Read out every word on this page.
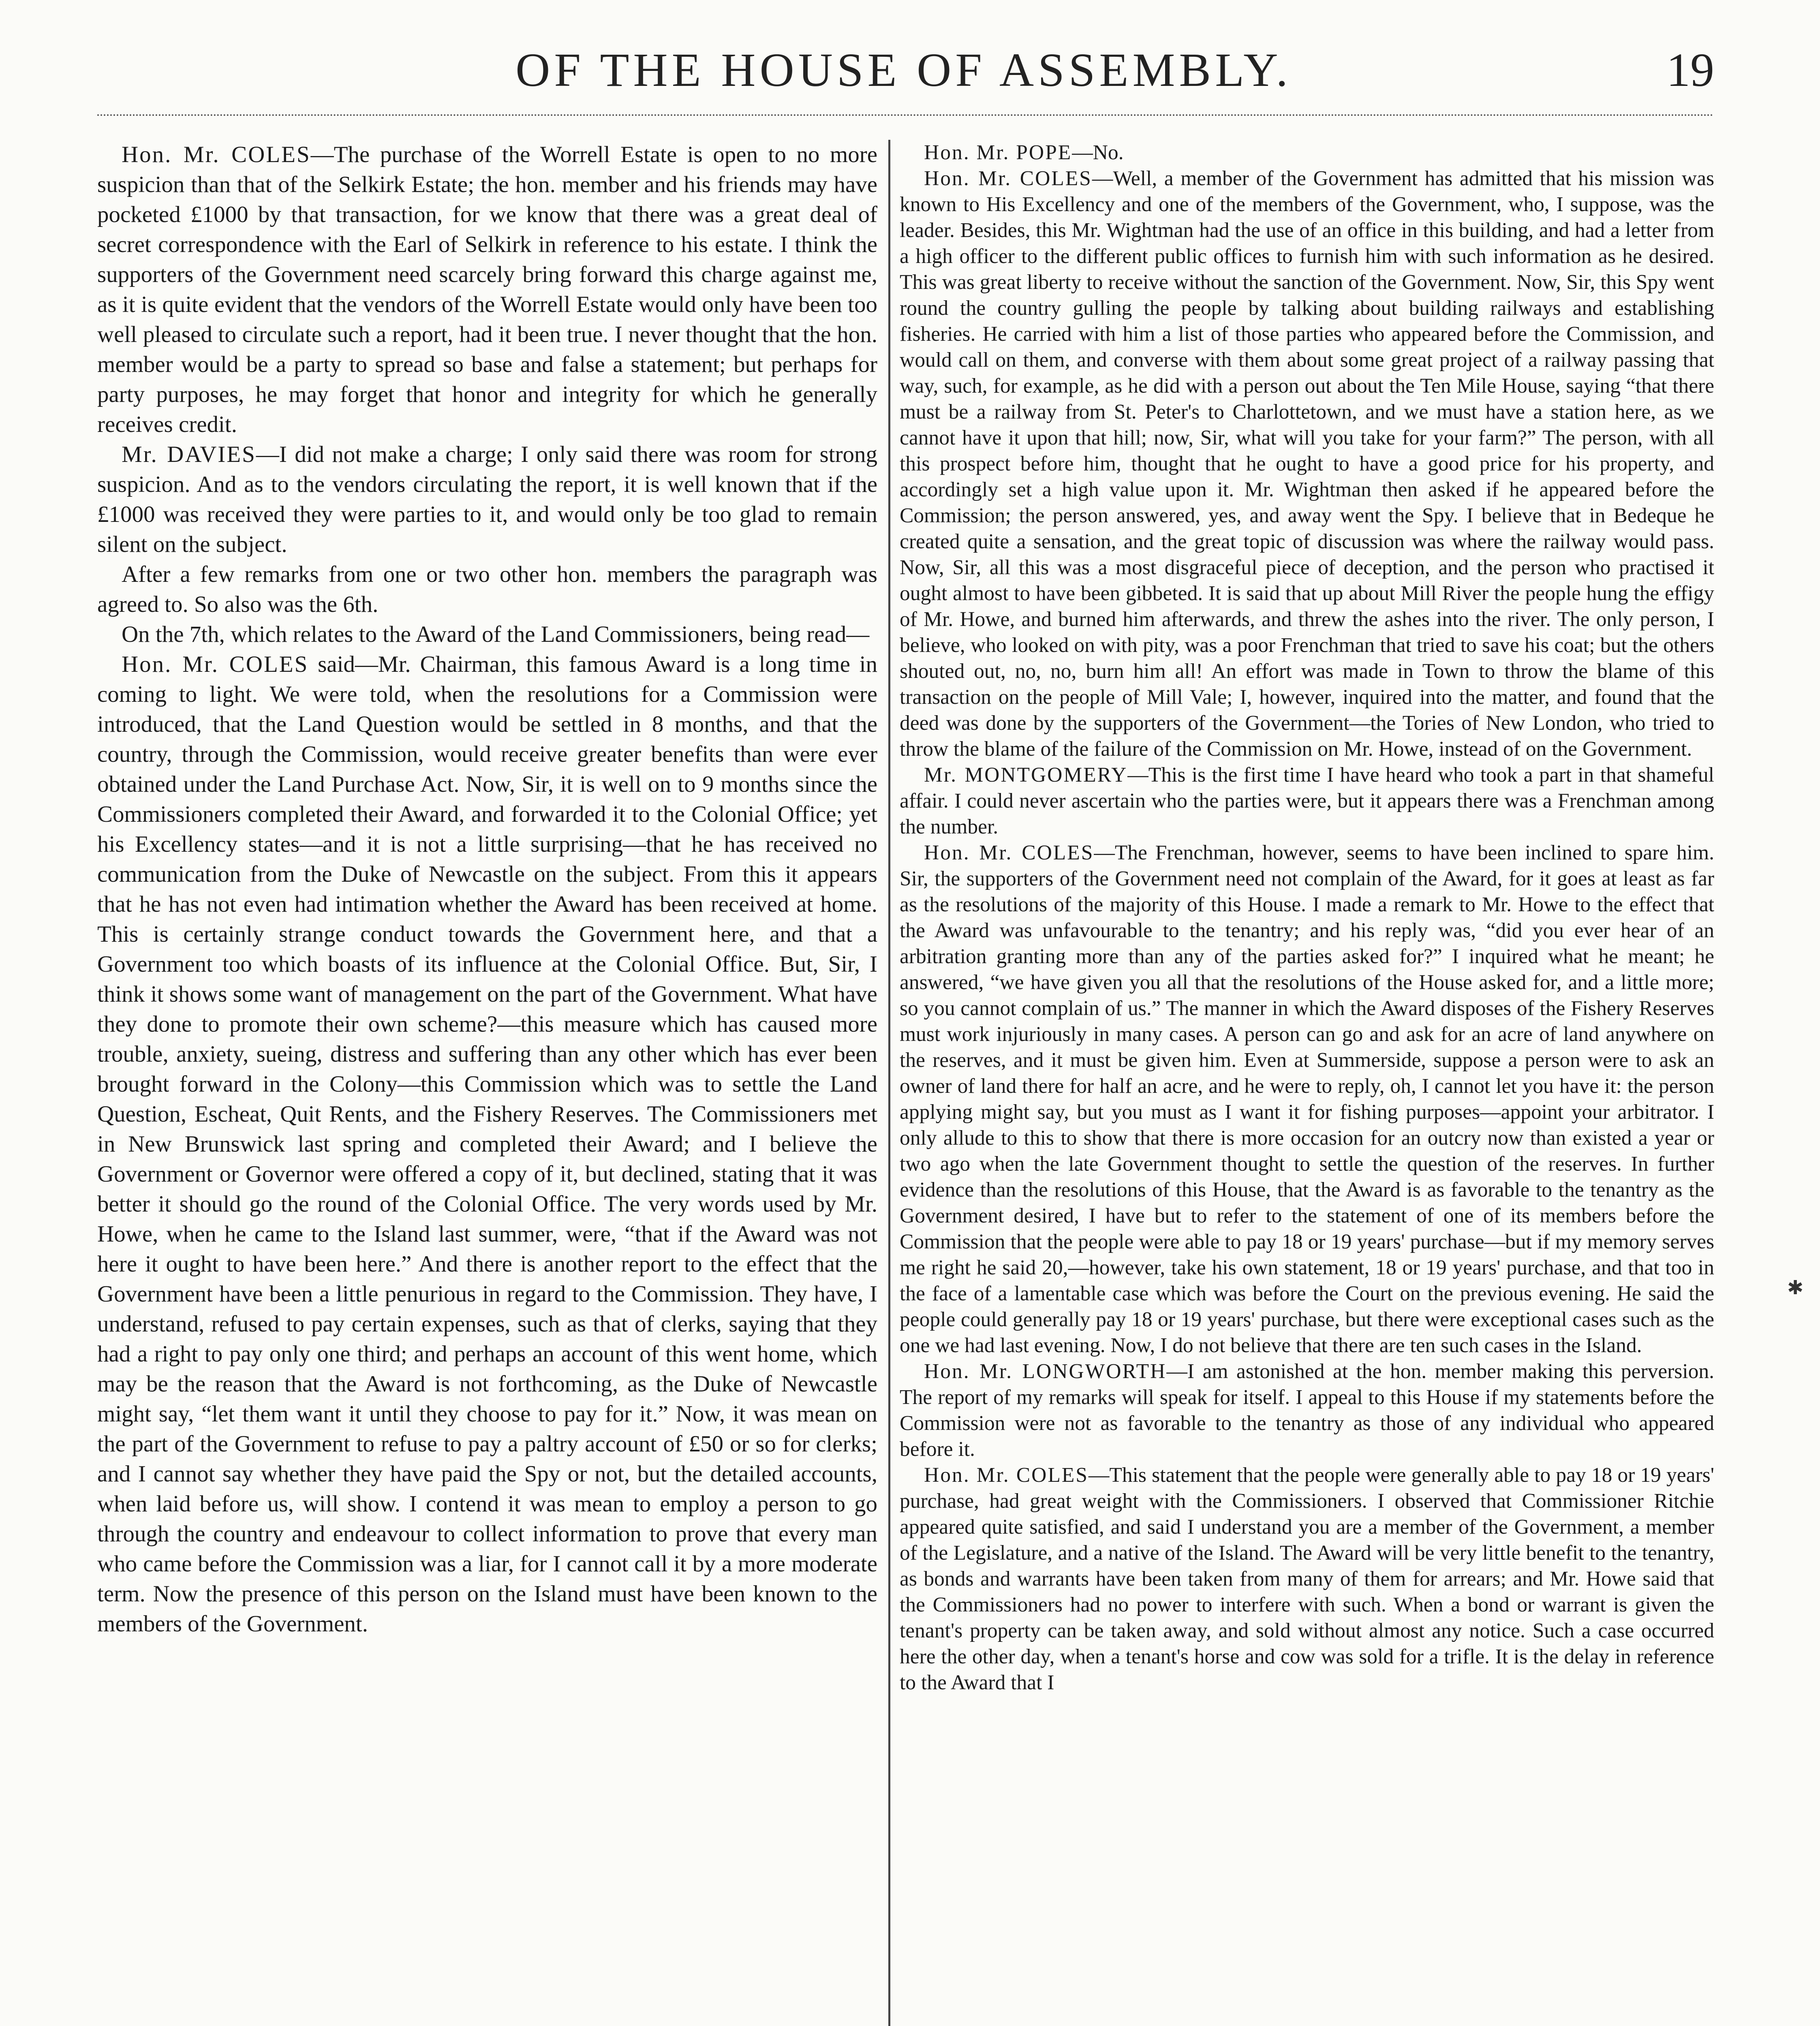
OF THE HOUSE OF ASSEMBLY.	19

Hon. Mr. COLES—The purchase of the Worrell Estate is open to no more suspicion than that of the Selkirk Estate; the hon. member and his friends may have pocketed £1000 by that transaction, for we know that there was a great deal of secret correspondence with the Earl of Selkirk in reference to his estate. I think the supporters of the Government need scarcely bring forward this charge against me, as it is quite evident that the vendors of the Worrell Estate would only have been too well pleased to circulate such a report, had it been true. I never thought that the hon. member would be a party to spread so base and false a statement; but perhaps for party purposes, he may forget that honor and integrity for which he generally receives credit.

Mr. DAVIES—I did not make a charge; I only said there was room for strong suspicion. And as to the vendors circulating the report, it is well known that if the £1000 was received they were parties to it, and would only be too glad to remain silent on the subject.

After a few remarks from one or two other hon. members the paragraph was agreed to. So also was the 6th.

On the 7th, which relates to the Award of the Land Commissioners, being read—

Hon. Mr. COLES said—Mr. Chairman, this famous Award is a long time in coming to light. We were told, when the resolutions for a Commission were introduced, that the Land Question would be settled in 8 months, and that the country, through the Commission, would receive greater benefits than were ever obtained under the Land Purchase Act. Now, Sir, it is well on to 9 months since the Commissioners completed their Award, and forwarded it to the Colonial Office; yet his Excellency states—and it is not a little surprising—that he has received no communication from the Duke of Newcastle on the subject. From this it appears that he has not even had intimation whether the Award has been received at home. This is certainly strange conduct towards the Government here, and that a Government too which boasts of its influence at the Colonial Office. But, Sir, I think it shows some want of management on the part of the Government. What have they done to promote their own scheme?—this measure which has caused more trouble, anxiety, sueing, distress and suffering than any other which has ever been brought forward in the Colony—this Commission which was to settle the Land Question, Escheat, Quit Rents, and the Fishery Reserves. The Commissioners met in New Brunswick last spring and completed their Award; and I believe the Government or Governor were offered a copy of it, but declined, stating that it was better it should go the round of the Colonial Office. The very words used by Mr. Howe, when he came to the Island last summer, were, “that if the Award was not here it ought to have been here.” And there is another report to the effect that the Government have been a little penurious in regard to the Commission. They have, I understand, refused to pay certain expenses, such as that of clerks, saying that they had a right to pay only one third; and perhaps an account of this went home, which may be the reason that the Award is not forthcoming, as the Duke of Newcastle might say, “let them want it until they choose to pay for it.” Now, it was mean on the part of the Government to refuse to pay a paltry account of £50 or so for clerks; and I cannot say whether they have paid the Spy or not, but the detailed accounts, when laid before us, will show. I contend it was mean to employ a person to go through the country and endeavour to collect information to prove that every man who came before the Commission was a liar, for I cannot call it by a more moderate term. Now the presence of this person on the Island must have been known to the members of the Government.

Hon. Mr. POPE—No.

Hon. Mr. COLES—Well, a member of the Government has admitted that his mission was known to His Excellency and one of the members of the Government, who, I suppose, was the leader. Besides, this Mr. Wightman had the use of an office in this building, and had a letter from a high officer to the different public offices to furnish him with such information as he desired. This was great liberty to receive without the sanction of the Government. Now, Sir, this Spy went round the country gulling the people by talking about building railways and establishing fisheries. He carried with him a list of those parties who appeared before the Commission, and would call on them, and converse with them about some great project of a railway passing that way, such, for example, as he did with a person out about the Ten Mile House, saying “that there must be a railway from St. Peter's to Charlottetown, and we must have a station here, as we cannot have it upon that hill; now, Sir, what will you take for your farm?” The person, with all this prospect before him, thought that he ought to have a good price for his property, and accordingly set a high value upon it. Mr. Wightman then asked if he appeared before the Commission; the person answered, yes, and away went the Spy. I believe that in Bedeque he created quite a sensation, and the great topic of discussion was where the railway would pass. Now, Sir, all this was a most disgraceful piece of deception, and the person who practised it ought almost to have been gibbeted. It is said that up about Mill River the people hung the effigy of Mr. Howe, and burned him afterwards, and threw the ashes into the river. The only person, I believe, who looked on with pity, was a poor Frenchman that tried to save his coat; but the others shouted out, no, no, burn him all! An effort was made in Town to throw the blame of this transaction on the people of Mill Vale; I, however, inquired into the matter, and found that the deed was done by the supporters of the Government—the Tories of New London, who tried to throw the blame of the failure of the Commission on Mr. Howe, instead of on the Government.

Mr. MONTGOMERY—This is the first time I have heard who took a part in that shameful affair. I could never ascertain who the parties were, but it appears there was a Frenchman among the number.

Hon. Mr. COLES—The Frenchman, however, seems to have been inclined to spare him. Sir, the supporters of the Government need not complain of the Award, for it goes at least as far as the resolutions of the majority of this House. I made a remark to Mr. Howe to the effect that the Award was unfavourable to the tenantry; and his reply was, “did you ever hear of an arbitration granting more than any of the parties asked for?” I inquired what he meant; he answered, “we have given you all that the resolutions of the House asked for, and a little more; so you cannot complain of us.” The manner in which the Award disposes of the Fishery Reserves must work injuriously in many cases. A person can go and ask for an acre of land anywhere on the reserves, and it must be given him. Even at Summerside, suppose a person were to ask an owner of land there for half an acre, and he were to reply, oh, I cannot let you have it: the person applying might say, but you must as I want it for fishing purposes—appoint your arbitrator. I only allude to this to show that there is more occasion for an outcry now than existed a year or two ago when the late Government thought to settle the question of the reserves. In further evidence than the resolutions of this House, that the Award is as favorable to the tenantry as the Government desired, I have but to refer to the statement of one of its members before the Commission that the people were able to pay 18 or 19 years' purchase—but if my memory serves me right he said 20,—however, take his own statement, 18 or 19 years' purchase, and that too in the face of a lamentable case which was before the Court on the previous evening. He said the people could generally pay 18 or 19 years' purchase, but there were exceptional cases such as the one we had last evening. Now, I do not believe that there are ten such cases in the Island.

Hon. Mr. LONGWORTH—I am astonished at the hon. member making this perversion. The report of my remarks will speak for itself. I appeal to this House if my statements before the Commission were not as favorable to the tenantry as those of any individual who appeared before it.

Hon. Mr. COLES—This statement that the people were generally able to pay 18 or 19 years' purchase, had great weight with the Commissioners. I observed that Commissioner Ritchie appeared quite satisfied, and said I understand you are a member of the Government, a member of the Legislature, and a native of the Island. The Award will be very little benefit to the tenantry, as bonds and warrants have been taken from many of them for arrears; and Mr. Howe said that the Commissioners had no power to interfere with such. When a bond or warrant is given the tenant's property can be taken away, and sold without almost any notice. Such a case occurred here the other day, when a tenant's horse and cow was sold for a trifle. It is the delay in reference to the Award that I

✱
